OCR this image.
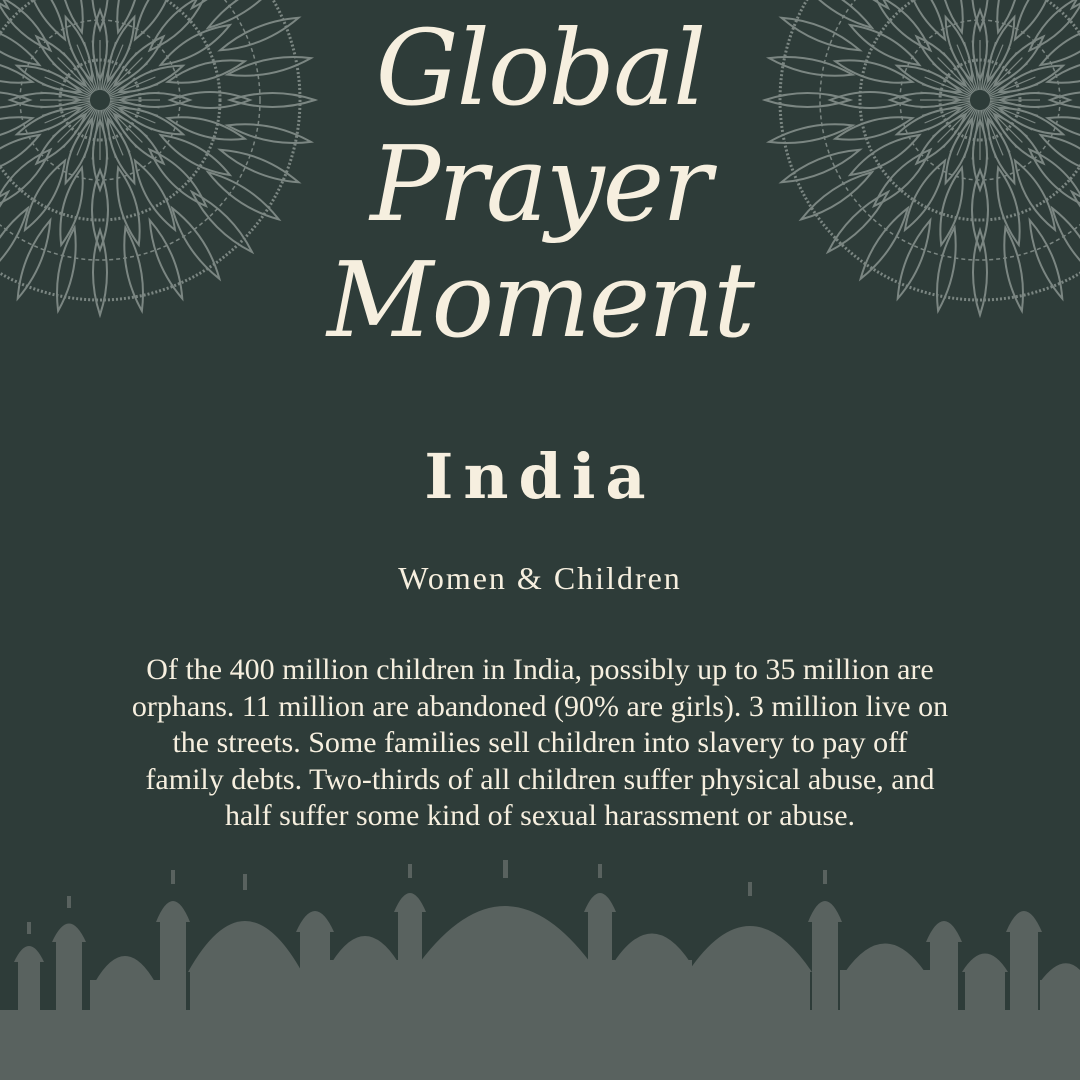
Global
Prayer
Moment
India
Women & Children
Of the 400 million children in India, possibly up to 35 million are orphans. 11 million are abandoned (90% are girls). 3 million live on the streets. Some families sell children into slavery to pay off family debts. Two-thirds of all children suffer physical abuse, and half suffer some kind of sexual harassment or abuse.
